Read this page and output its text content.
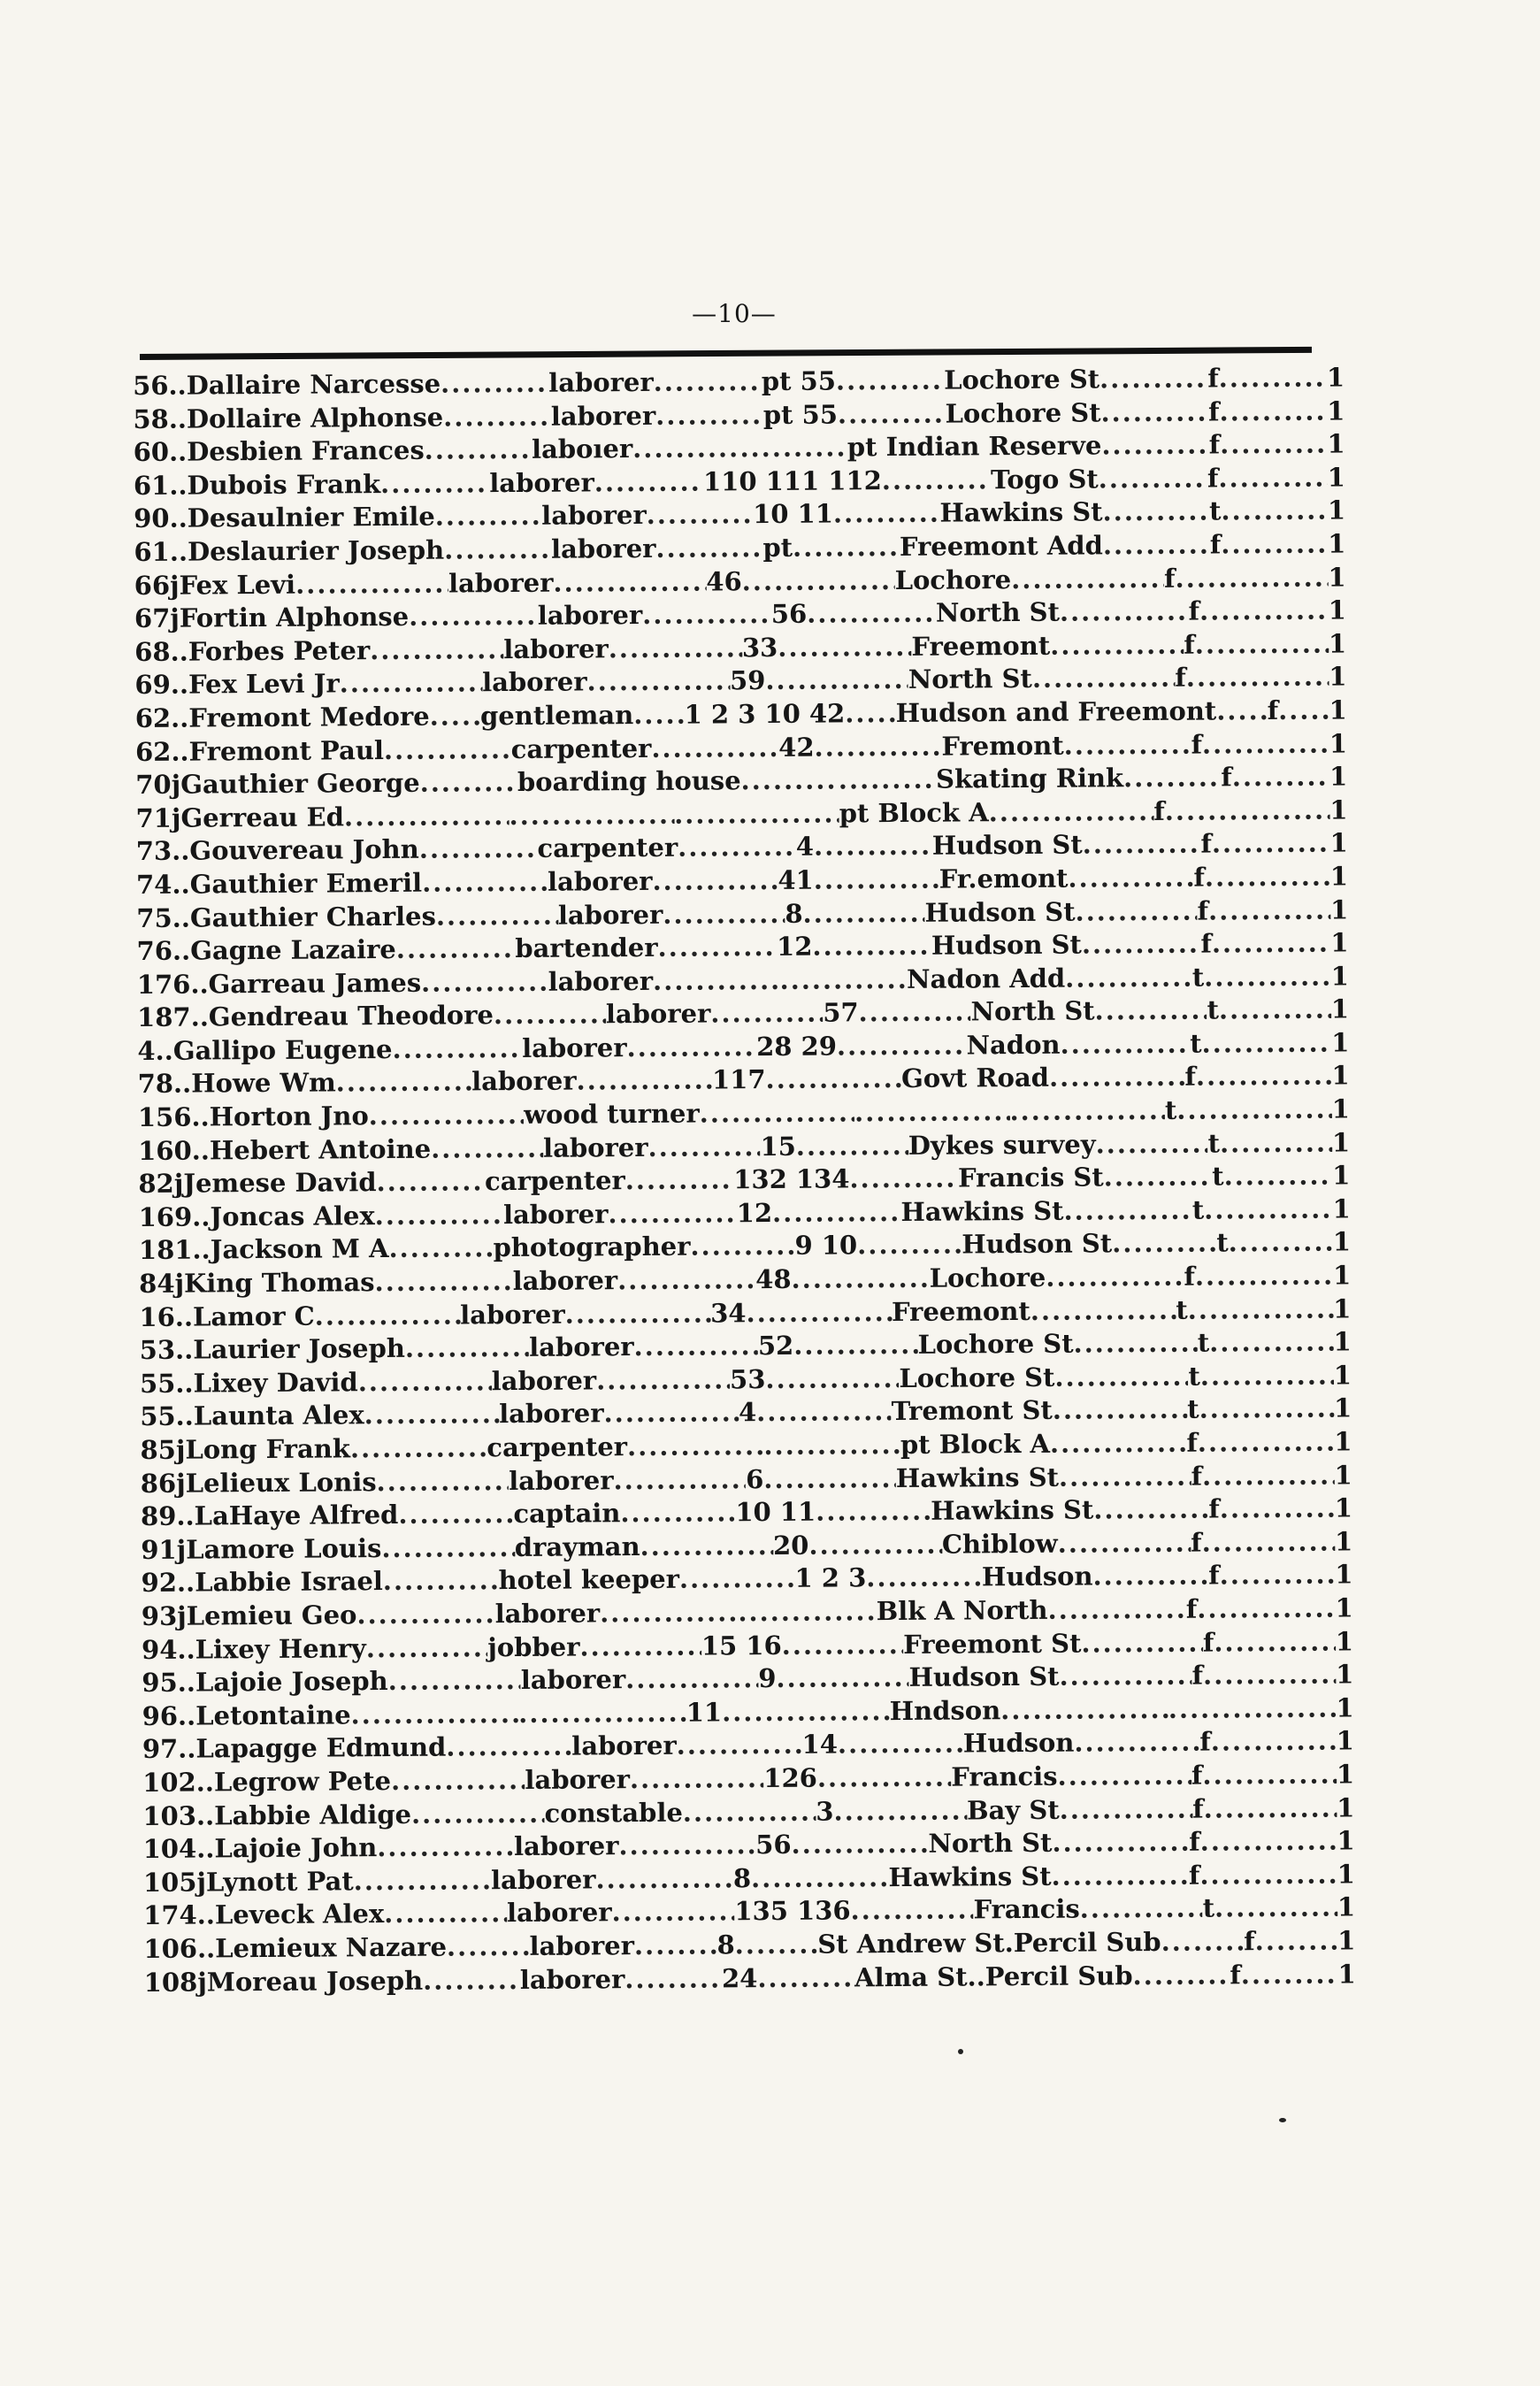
—10—
56 .. Dallaire Narcesse .....	laborer .....	pt 55 .....	Lochore St .....	f .....	1
58 .. Dollaire Alphonse .....	laborer .....	pt 55 .....	Lochore St .....	f .....	1
60 .. Desbien Frances .....	laboıer ..... .....	pt Indian Reserve .....	f .....	1
61 .. Dubois Frank .....	laborer .....	110 111 112 .....	Togo St .....	f .....	1
90 .. Desaulnier Emile .....	laborer .....	10 11 .....	Hawkins St .....	t .....	1
61 .. Deslaurier Joseph .....	laborer .....	pt .....	Freemont Add .....	f .....	1
66 j Fex Levi .....	laborer .....	46 .....	Lochore .....	f .....	1
67 j Fortin Alphonse .....	laborer .....	56 .....	North St .....	f .....	1
68 .. Forbes Peter .....	laborer .....	33 .....	Freemont .....	f .....	1
69 .. Fex Levi Jr .....	laborer .....	59 .....	North St .....	f .....	1
62 .. Fremont Medore ..... gentleman ..... 1 2 3 10 42 ..... Hudson and Freemont ..... f ..... 1
62 .. Fremont Paul .....	carpenter .....	42 .....	Fremont .....	f .....	1
70 j Gauthier George .....	boarding house ..... .....	Skating Rink .....	f .....	1
71 j Gerreau Ed ..... ..... .....	pt Block A .....	f .....	1
73 .. Gouvereau John .....	carpenter .....	4 .....	Hudson St .....	f .....	1
74 .. Gauthier Emeril .....	laborer .....	41 .....	Fr.emont .....	f .....	1
75 .. Gauthier Charles .....	laborer .....	8 .....	Hudson St .....	f .....	1
76 .. Gagne Lazaire .....	bartender .....	12 .....	Hudson St .....	f .....	1
176 .. Garreau James .....	laborer ..... .....	Nadon Add .....	t .....	1
187 .. Gendreau Theodore .....	laborer .....	57 .....	North St .....	t .....	1
4 .. Gallipo Eugene .....	laborer .....	28 29 .....	Nadon .....	t .....	1
78 .. Howe Wm .....	laborer .....	117 .....	Govt Road .....	f .....	1
156 .. Horton Jno .....	wood turner ..... ..... .....	t .....	1
160 .. Hebert Antoine .....	laborer .....	15 .....	Dykes survey .....	t .....	1
82 j Jemese David .....	carpenter .....	132 134 .....	Francis St .....	t .....	1
169 .. Joncas Alex .....	laborer .....	12 .....	Hawkins St .....	t .....	1
181 .. Jackson M A .....	photographer .....	9 10 .....	Hudson St .....	t .....	1
84 j King Thomas .....	laborer .....	48 .....	Lochore .....	f .....	1
16 .. Lamor C .....	laborer .....	34 .....	Freemont .....	t .....	1
53 .. Laurier Joseph .....	laborer .....	52 .....	Lochore St .....	t .....	1
55 .. Lixey David .....	laborer .....	53 .....	Lochore St .....	t .....	1
55 .. Launta Alex .....	laborer .....	4 .....	Tremont St .....	t .....	1
85 j Long Frank .....	carpenter ..... .....	pt Block A .....	f .....	1
86 j Lelieux Lonis .....	laborer .....	6 .....	Hawkins St .....	f .....	1
89 .. LaHaye Alfred .....	captain .....	10 11 .....	Hawkins St .....	f .....	1
91 j Lamore Louis .....	drayman .....	20 .....	Chiblow .....	f .....	1
92 .. Labbie Israel .....	hotel keeper .....	1 2 3 .....	Hudson .....	f .....	1
93 j Lemieu Geo .....	laborer ..... .....	Blk A North .....	f .....	1
94 .. Lixey Henry .....	jobber .....	15 16 .....	Freemont St .....	f .....	1
95 .. Lajoie Joseph .....	laborer .....	9 .....	Hudson St .....	f .....	1
96 .. Letontaine ..... .....	11 .....	Hndson ..... .....	1
97 .. Lapagge Edmund .....	laborer .....	14 .....	Hudson .....	f .....	1
102 .. Legrow Pete .....	laborer .....	126 .....	Francis .....	f .....	1
103 .. Labbie Aldige .....	constable .....	3 .....	Bay St .....	f .....	1
104 .. Lajoie John .....	laborer .....	56 .....	North St .....	f .....	1
105 j Lynott Pat .....	laborer .....	8 .....	Hawkins St .....	f .....	1
174 .. Leveck Alex .....	laborer .....	135 136 .....	Francis .....	t .....	1
106 .. Lemieux Nazare .....	laborer .....	8 .....	St Andrew St.Percil Sub .....	f .....	1
108 j Moreau Joseph .....	laborer .....	24 .....	Alma St..Percil Sub .....	f .....	1
